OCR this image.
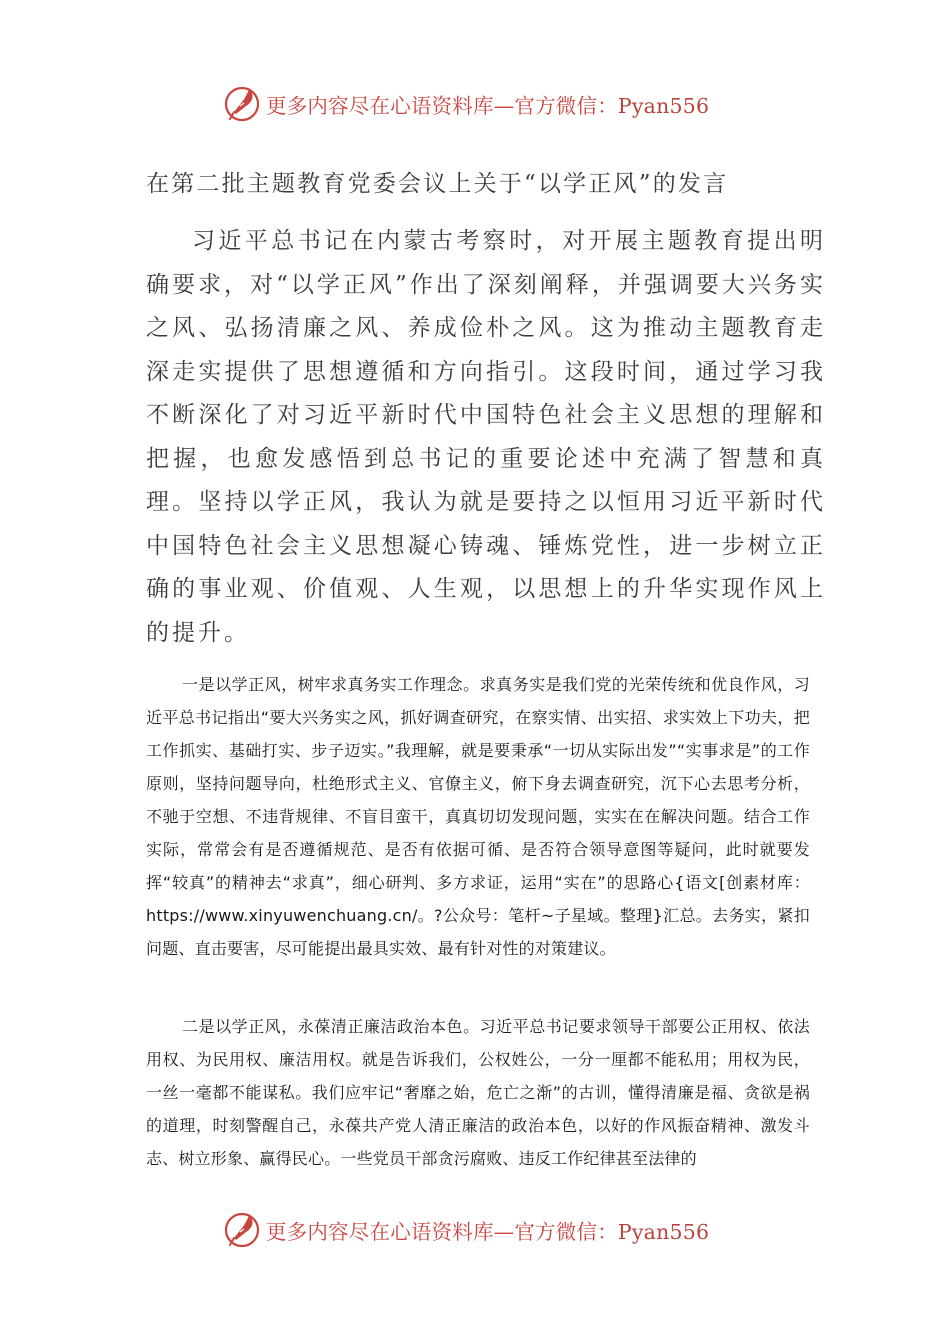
更多内容尽在心语资料库—官方微信：Pyan556
在第二批主题教育党委会议上关于“以学正风”的发言

习近平总书记在内蒙古考察时，对开展主题教育提出明确要求，对“以学正风”作出了深刻阐释，并强调要大兴务实之风、弘扬清廉之风、养成俭朴之风。这为推动主题教育走深走实提供了思想遵循和方向指引。这段时间，通过学习我不断深化了对习近平新时代中国特色社会主义思想的理解和把握，也愈发感悟到总书记的重要论述中充满了智慧和真理。坚持以学正风，我认为就是要持之以恒用习近平新时代中国特色社会主义思想凝心铸魂、锤炼党性，进一步树立正确的事业观、价值观、人生观，以思想上的升华实现作风上的提升。

一是以学正风，树牢求真务实工作理念。求真务实是我们党的光荣传统和优良作风，习近平总书记指出“要大兴务实之风，抓好调查研究，在察实情、出实招、求实效上下功夫，把工作抓实、基础打实、步子迈实。”我理解，就是要秉承“一切从实际出发”“实事求是”的工作原则，坚持问题导向，杜绝形式主义、官僚主义，俯下身去调查研究，沉下心去思考分析，不驰于空想、不违背规律、不盲目蛮干，真真切切发现问题，实实在在解决问题。结合工作实际，常常会有是否遵循规范、是否有依据可循、是否符合领导意图等疑问，此时就要发挥“较真”的精神去“求真”，细心研判、多方求证，运用“实在”的思路心{语文[创素材库：https://www.xinyuwenchuang.cn/。?公众号：笔杆~子星域。整理}汇总。去务实，紧扣问题、直击要害，尽可能提出最具实效、最有针对性的对策建议。

二是以学正风，永葆清正廉洁政治本色。习近平总书记要求领导干部要公正用权、依法用权、为民用权、廉洁用权。就是告诉我们，公权姓公，一分一厘都不能私用；用权为民，一丝一毫都不能谋私。我们应牢记“奢靡之始，危亡之渐”的古训，懂得清廉是福、贪欲是祸的道理，时刻警醒自己，永葆共产党人清正廉洁的政治本色，以好的作风振奋精神、激发斗志、树立形象、赢得民心。一些党员干部贪污腐败、违反工作纪律甚至法律的

更多内容尽在心语资料库—官方微信：Pyan556
